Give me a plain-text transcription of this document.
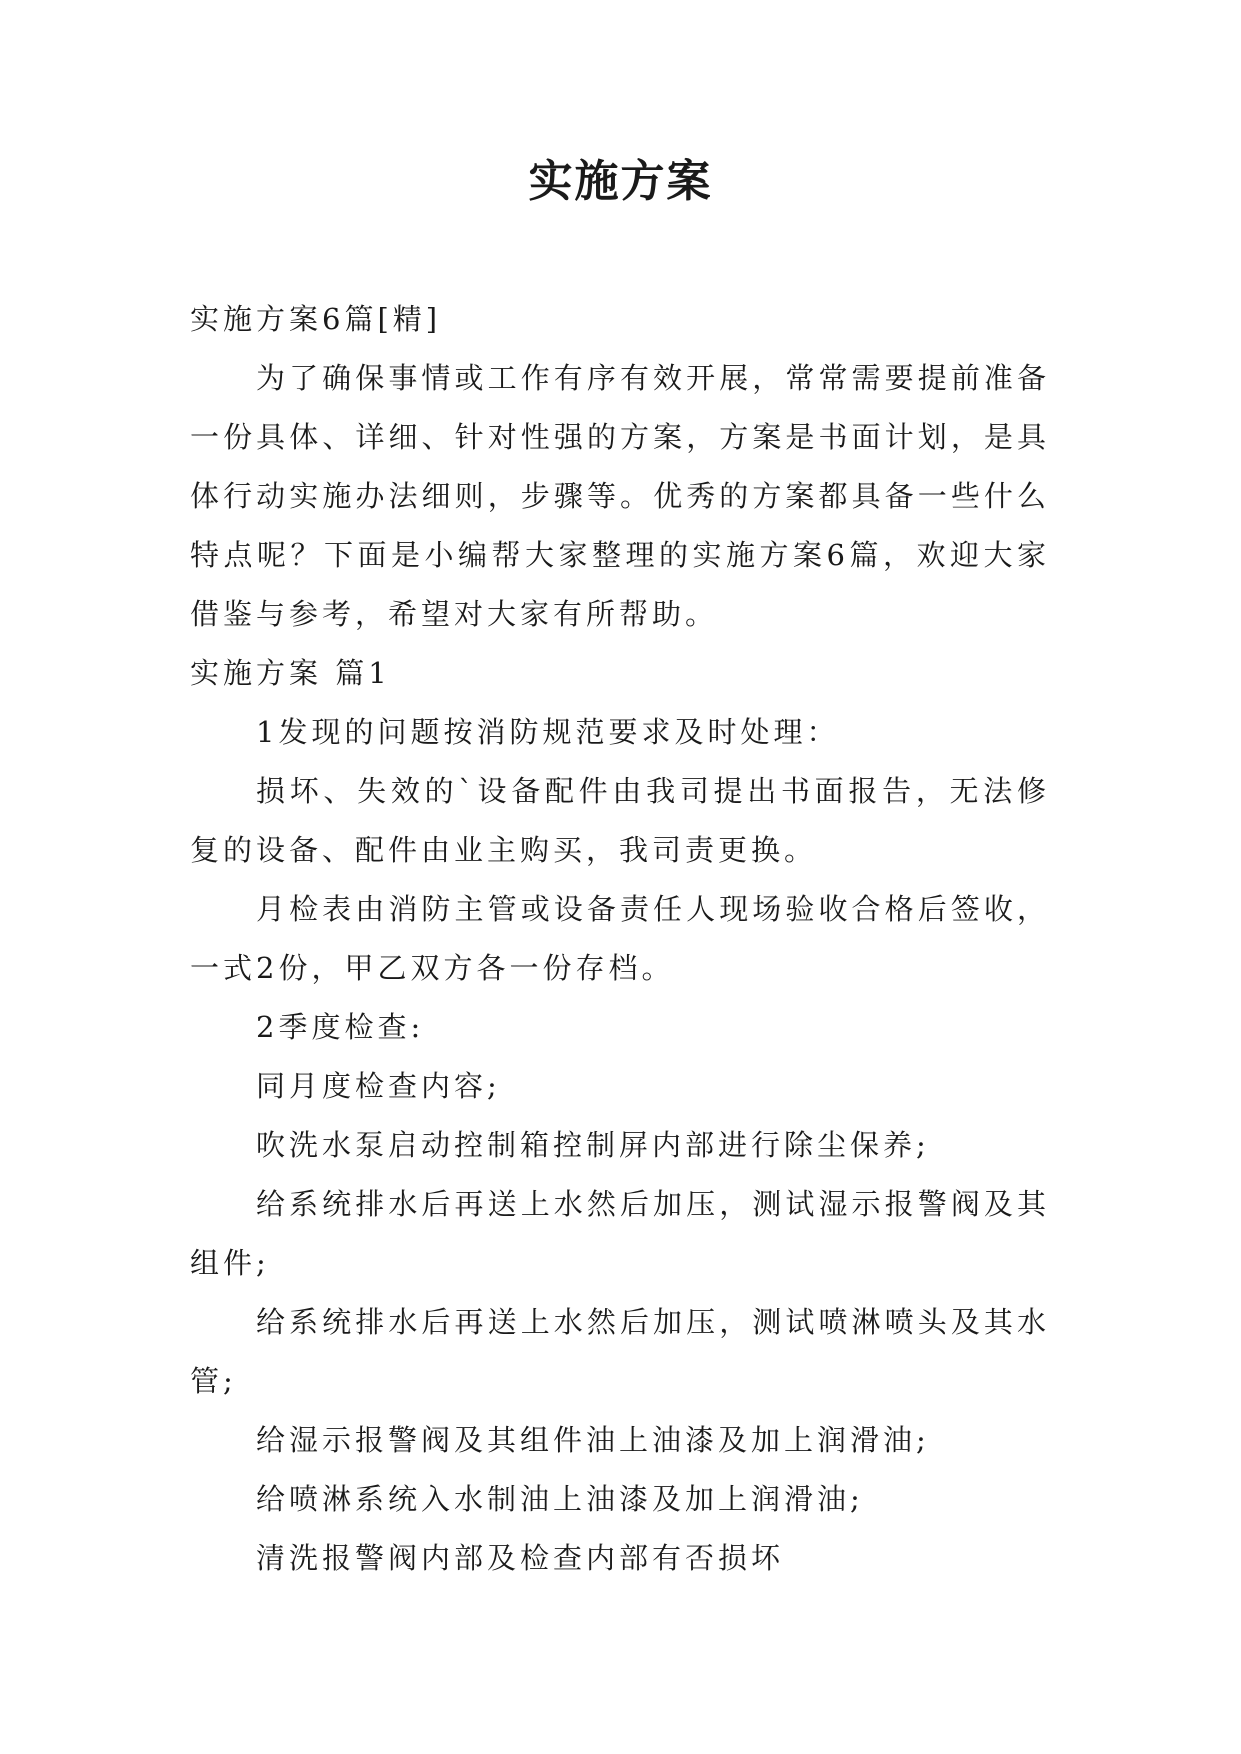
实施方案

实施方案6篇[精]

为了确保事情或工作有序有效开展，常常需要提前准备一份具体、详细、针对性强的方案，方案是书面计划，是具体行动实施办法细则，步骤等。优秀的方案都具备一些什么特点呢？下面是小编帮大家整理的实施方案6篇，欢迎大家借鉴与参考，希望对大家有所帮助。

实施方案 篇1

1发现的问题按消防规范要求及时处理：

损坏、失效的`设备配件由我司提出书面报告，无法修复的设备、配件由业主购买，我司责更换。

月检表由消防主管或设备责任人现场验收合格后签收，一式2份，甲乙双方各一份存档。

2季度检查:

同月度检查内容;

吹洗水泵启动控制箱控制屏内部进行除尘保养;

给系统排水后再送上水然后加压，测试湿示报警阀及其组件;

给系统排水后再送上水然后加压，测试喷淋喷头及其水管;

给湿示报警阀及其组件油上油漆及加上润滑油;

给喷淋系统入水制油上油漆及加上润滑油;

清洗报警阀内部及检查内部有否损坏
